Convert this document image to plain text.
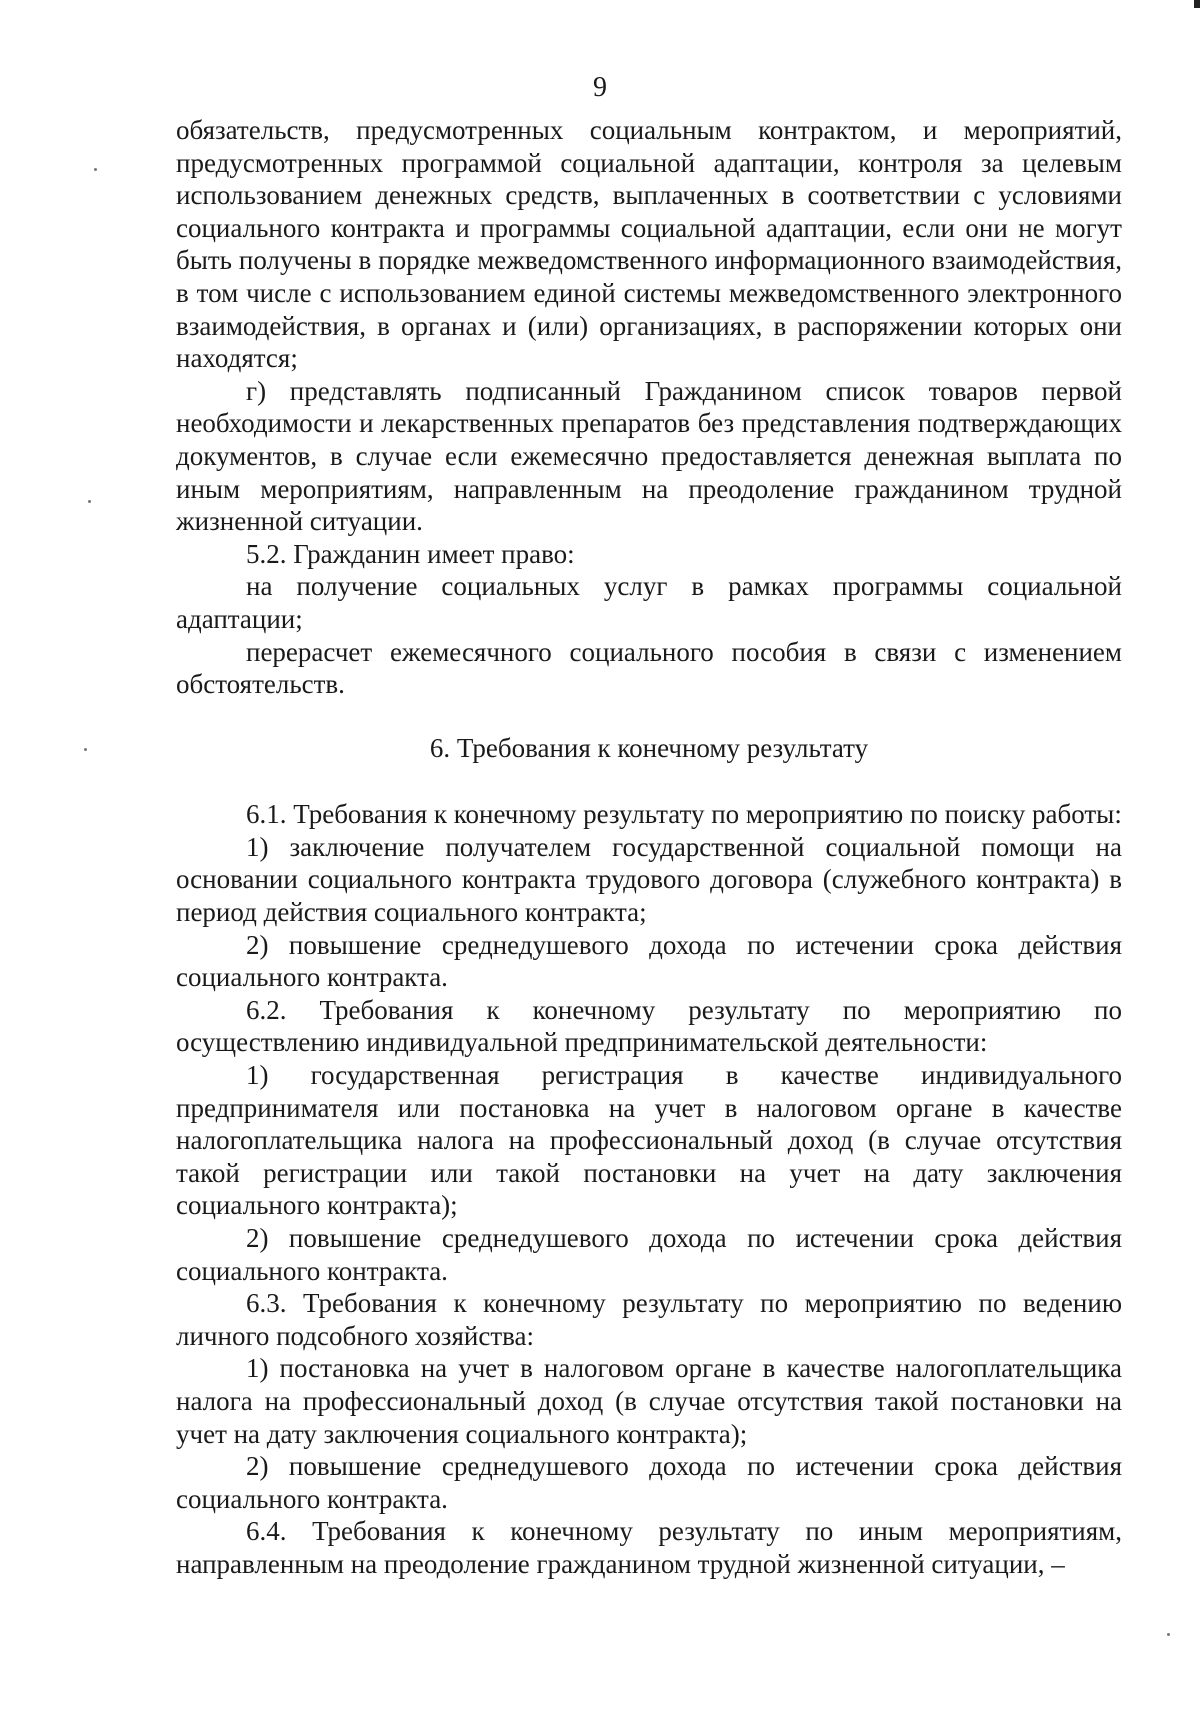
9

обязательств, предусмотренных социальным контрактом, и мероприятий, предусмотренных программой социальной адаптации, контроля за целевым использованием денежных средств, выплаченных в соответствии с условиями социального контракта и программы социальной адаптации, если они не могут быть получены в порядке межведомственного информационного взаимодействия, в том числе с использованием единой системы межведомственного электронного взаимодействия, в органах и (или) организациях, в распоряжении которых они находятся;

г) представлять подписанный Гражданином список товаров первой необходимости и лекарственных препаратов без представления подтверждающих документов, в случае если ежемесячно предоставляется денежная выплата по иным мероприятиям, направленным на преодоление гражданином трудной жизненной ситуации.

5.2. Гражданин имеет право:

на получение социальных услуг в рамках программы социальной адаптации;

перерасчет ежемесячного социального пособия в связи с изменением обстоятельств.

6. Требования к конечному результату

6.1. Требования к конечному результату по мероприятию по поиску работы:

1) заключение получателем государственной социальной помощи на основании социального контракта трудового договора (служебного контракта) в период действия социального контракта;

2) повышение среднедушевого дохода по истечении срока действия социального контракта.

6.2. Требования к конечному результату по мероприятию по осуществлению индивидуальной предпринимательской деятельности:

1) государственная регистрация в качестве индивидуального предпринимателя или постановка на учет в налоговом органе в качестве налогоплательщика налога на профессиональный доход (в случае отсутствия такой регистрации или такой постановки на учет на дату заключения социального контракта);

2) повышение среднедушевого дохода по истечении срока действия социального контракта.

6.3. Требования к конечному результату по мероприятию по ведению личного подсобного хозяйства:

1) постановка на учет в налоговом органе в качестве налогоплательщика налога на профессиональный доход (в случае отсутствия такой постановки на учет на дату заключения социального контракта);

2) повышение среднедушевого дохода по истечении срока действия социального контракта.

6.4. Требования к конечному результату по иным мероприятиям, направленным на преодоление гражданином трудной жизненной ситуации, –
